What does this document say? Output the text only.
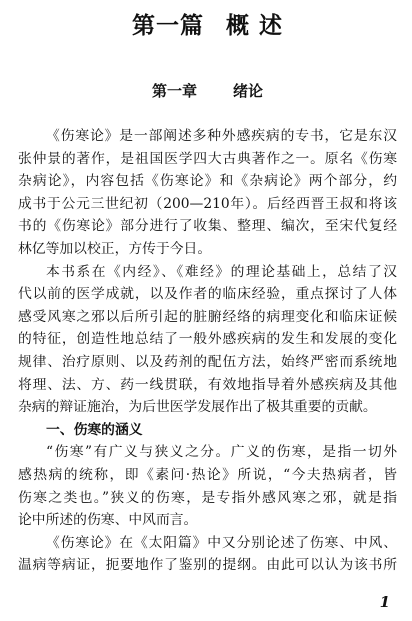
第一篇 概 述
第一章 绪论
《伤寒论》是一部阐述多种外感疾病的专书，它是东汉
张仲景的著作，是祖国医学四大古典著作之一。原名《伤寒
杂病论》，内容包括《伤寒论》和《杂病论》两个部分，约
成书于公元三世纪初（200—210年）。后经西晋王叔和将该
书的《伤寒论》部分进行了收集、整理、编次，至宋代复经
林亿等加以校正，方传于今日。
本书系在《内经》、《难经》的理论基础上，总结了汉
代以前的医学成就，以及作者的临床经验，重点探讨了人体
感受风寒之邪以后所引起的脏腑经络的病理变化和临床证候
的特征，创造性地总结了一般外感疾病的发生和发展的变化
规律、治疗原则、以及药剂的配伍方法，始终严密而系统地
将理、法、方、药一线贯联，有效地指导着外感疾病及其他
杂病的辩证施治，为后世医学发展作出了极其重要的贡献。
一、伤寒的涵义
“伤寒”有广义与狭义之分。广义的伤寒，是指一切外
感热病的统称，即《素问·热论》所说，“今夫热病者，皆
伤寒之类也。”狭义的伤寒，是专指外感风寒之邪，就是指
论中所述的伤寒、中风而言。
《伤寒论》在《太阳篇》中又分别论述了伤寒、中风、
温病等病证，扼要地作了鉴别的提纲。由此可以认为该书所
1
